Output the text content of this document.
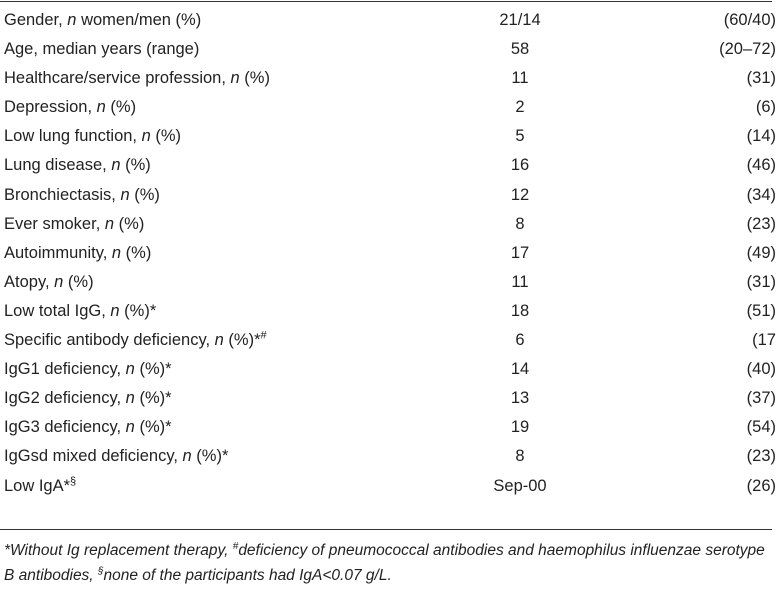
Gender, n women/men (%)	21/14	(60/40)
Age, median years (range)	58	(20–72)
Healthcare/service profession, n (%)	11	(31)
Depression, n (%)	2	(6)
Low lung function, n (%)	5	(14)
Lung disease, n (%)	16	(46)
Bronchiectasis, n (%)	12	(34)
Ever smoker, n (%)	8	(23)
Autoimmunity, n (%)	17	(49)
Atopy, n (%)	11	(31)
Low total IgG, n (%)*	18	(51)
Specific antibody deficiency, n (%)*#	6	(17
IgG1 deficiency, n (%)*	14	(40)
IgG2 deficiency, n (%)*	13	(37)
IgG3 deficiency, n (%)*	19	(54)
IgGsd mixed deficiency, n (%)*	8	(23)
Low IgA*§	Sep-00	(26)
*Without Ig replacement therapy, #deficiency of pneumococcal antibodies and haemophilus influenzae serotype B antibodies, §none of the participants had IgA<0.07 g/L.
